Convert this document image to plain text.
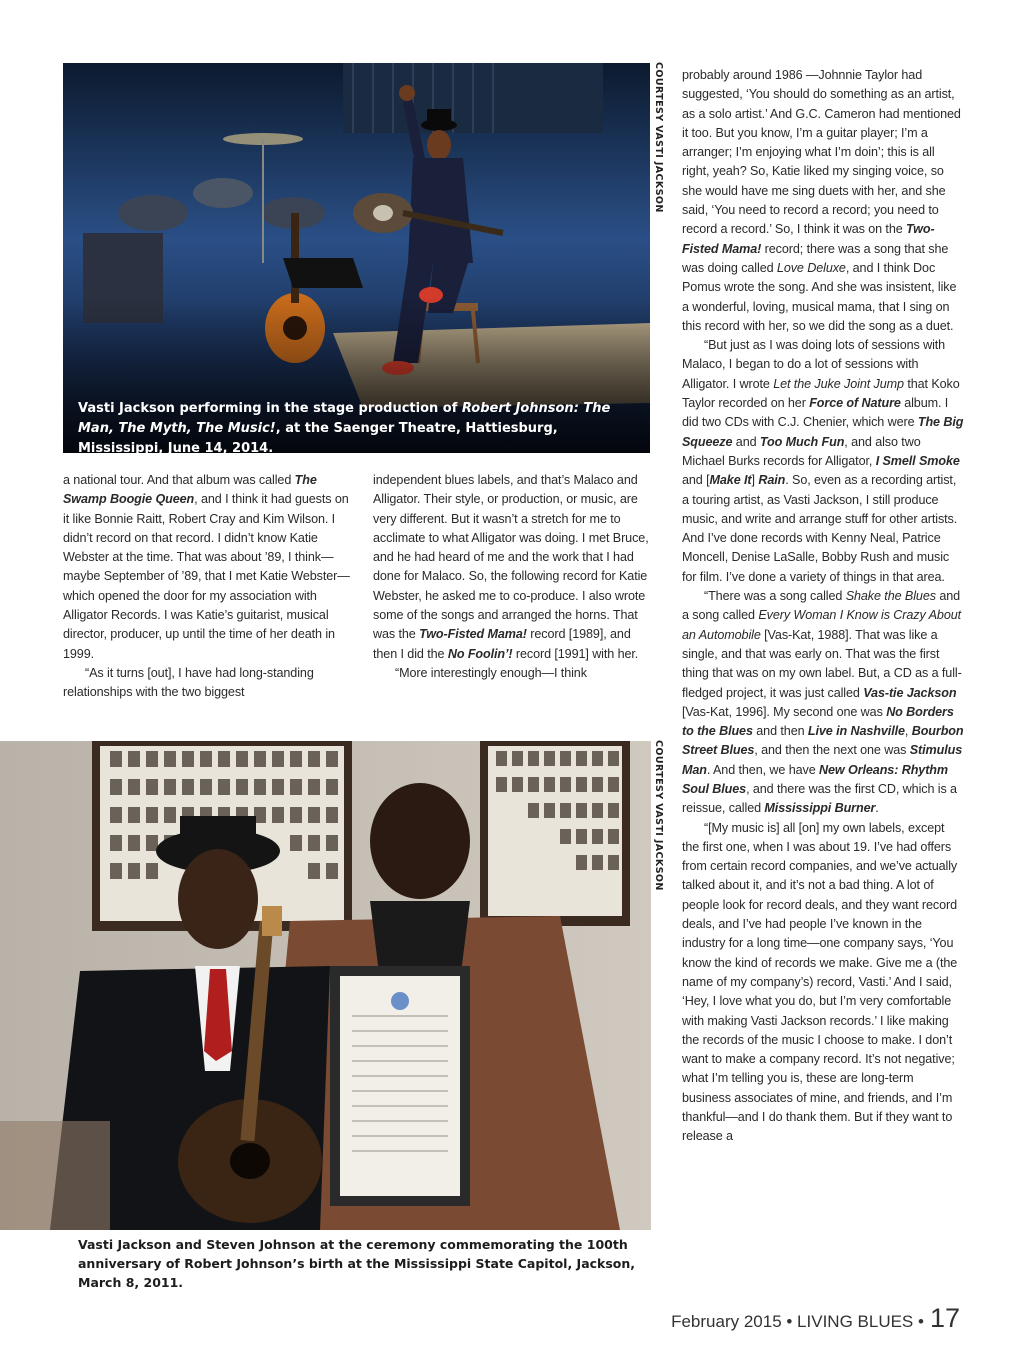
COURTESY VASTI JACKSON
Vasti Jackson performing in the stage production of Robert Johnson: The Man, The Myth, The Music!, at the Saenger Theatre, Hattiesburg, Mississippi, June 14, 2014.
COURTESY VASTI JACKSON
Vasti Jackson and Steven Johnson at the ceremony commemorating the 100th anniversary of Robert Johnson’s birth at the Mississippi State Capitol, Jackson, March 8, 2011.

a national tour. And that album was called The Swamp Boogie Queen, and I think it had guests on it like Bonnie Raitt, Robert Cray and Kim Wilson. I didn’t record on that record. I didn’t know Katie Webster at the time. That was about ’89, I think—maybe September of ’89, that I met Katie Webster—which opened the door for my association with Alligator Records. I was Katie’s guitarist, musical director, producer, up until the time of her death in 1999.

“As it turns [out], I have had long-standing relationships with the two biggest

independent blues labels, and that’s Malaco and Alligator. Their style, or production, or music, are very different. But it wasn’t a stretch for me to acclimate to what Alligator was doing. I met Bruce, and he had heard of me and the work that I had done for Malaco. So, the following record for Katie Webster, he asked me to co-produce. I also wrote some of the songs and arranged the horns. That was the Two-Fisted Mama! record [1989], and then I did the No Foolin’! record [1991] with her.

“More interestingly enough—I think

probably around 1986 —Johnnie Taylor had suggested, ‘You should do something as an artist, as a solo artist.’ And G.C. Cameron had mentioned it too. But you know, I’m a guitar player; I’m a arranger; I’m enjoying what I’m doin’; this is all right, yeah? So, Katie liked my singing voice, so she would have me sing duets with her, and she said, ‘You need to record a record; you need to record a record.’ So, I think it was on the Two-Fisted Mama! record; there was a song that she was doing called Love Deluxe, and I think Doc Pomus wrote the song. And she was insistent, like a wonderful, loving, musical mama, that I sing on this record with her, so we did the song as a duet.

“But just as I was doing lots of sessions with Malaco, I began to do a lot of sessions with Alligator. I wrote Let the Juke Joint Jump that Koko Taylor recorded on her Force of Nature album. I did two CDs with C.J. Chenier, which were The Big Squeeze and Too Much Fun, and also two Michael Burks records for Alligator, I Smell Smoke and [Make It] Rain. So, even as a recording artist, a touring artist, as Vasti Jackson, I still produce music, and write and arrange stuff for other artists. And I’ve done records with Kenny Neal, Patrice Moncell, Denise LaSalle, Bobby Rush and music for film. I’ve done a variety of things in that area.

“There was a song called Shake the Blues and a song called Every Woman I Know is Crazy About an Automobile [Vas-Kat, 1988]. That was like a single, and that was early on. That was the first thing that was on my own label. But, a CD as a full-fledged project, it was just called Vas-tie Jackson [Vas-Kat, 1996]. My second one was No Borders to the Blues and then Live in Nashville, Bourbon Street Blues, and then the next one was Stimulus Man. And then, we have New Orleans: Rhythm Soul Blues, and there was the first CD, which is a reissue, called Mississippi Burner.

“[My music is] all [on] my own labels, except the first one, when I was about 19. I’ve had offers from certain record companies, and we’ve actually talked about it, and it’s not a bad thing. A lot of people look for record deals, and they want record deals, and I’ve had people I’ve known in the industry for a long time—one company says, ‘You know the kind of records we make. Give me a (the name of my company’s) record, Vasti.’ And I said, ‘Hey, I love what you do, but I’m very comfortable with making Vasti Jackson records.’ I like making the records of the music I choose to make. I don’t want to make a company record. It’s not negative; what I’m telling you is, these are long-term business associates of mine, and friends, and I’m thankful—and I do thank them. But if they want to release a

February 2015 • LIVING BLUES • 17
